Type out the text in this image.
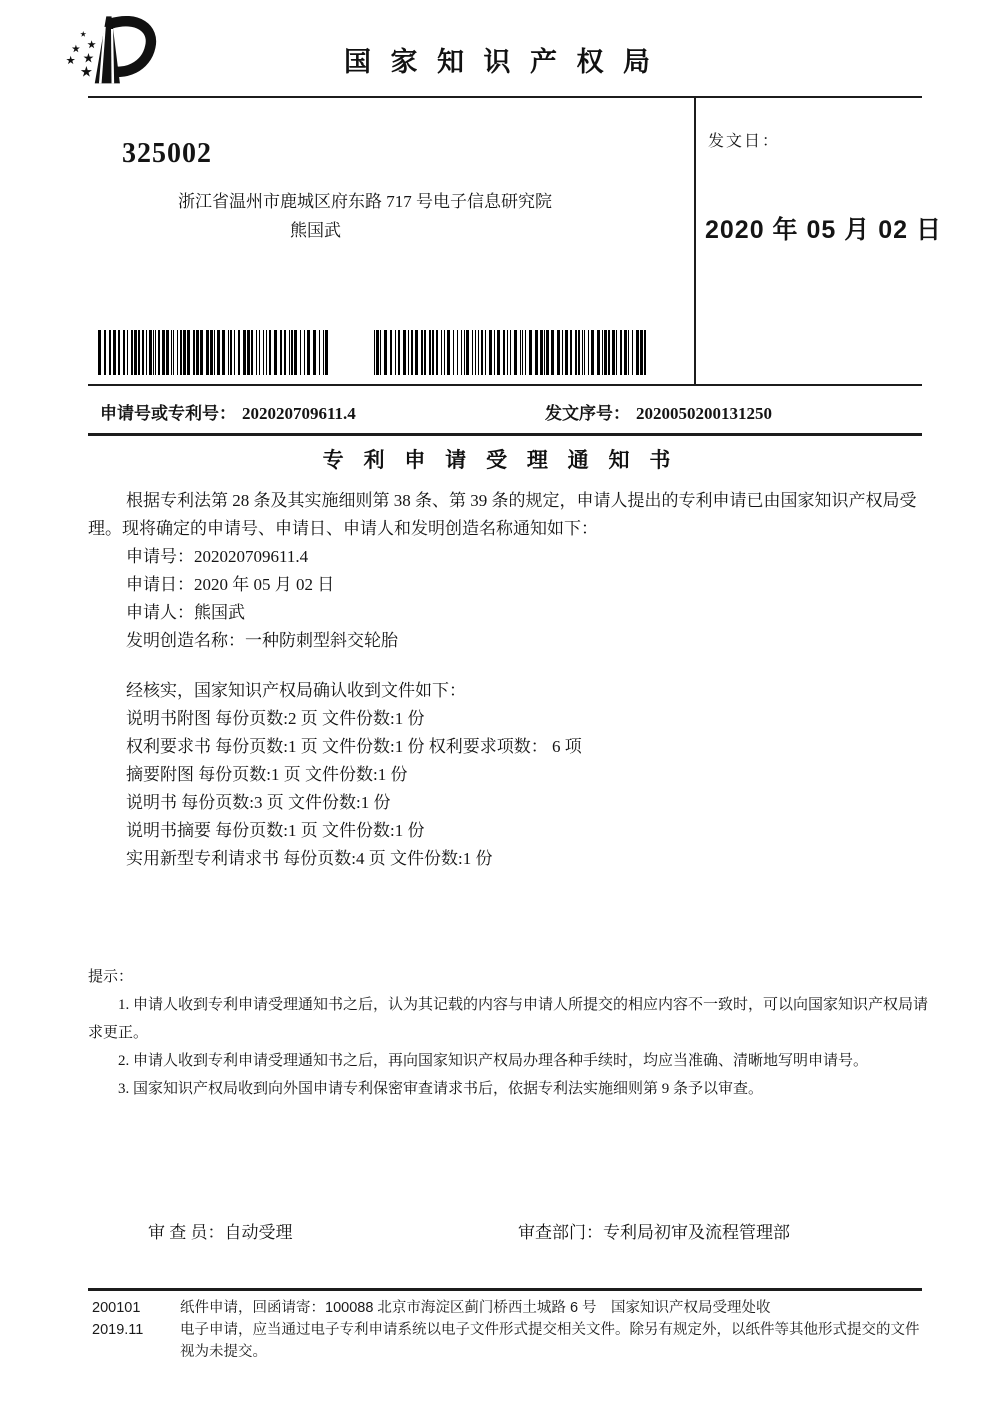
国 家 知 识 产 权 局
325002
浙江省温州市鹿城区府东路 717 号电子信息研究院
熊国武
发文日：
2020 年 05 月 02 日
申请号或专利号： 202020709611.4	发文序号： 2020050200131250
专 利 申 请 受 理 通 知 书

根据专利法第 28 条及其实施细则第 38 条、第 39 条的规定，申请人提出的专利申请已由国家知识产权局受理。现将确定的申请号、申请日、申请人和发明创造名称通知如下：

申请号：202020709611.4
申请日：2020 年 05 月 02 日
申请人：熊国武
发明创造名称：一种防刺型斜交轮胎

经核实，国家知识产权局确认收到文件如下：

说明书附图 每份页数:2 页 文件份数:1 份
权利要求书 每份页数:1 页 文件份数:1 份 权利要求项数： 6 项
摘要附图 每份页数:1 页 文件份数:1 份
说明书 每份页数:3 页 文件份数:1 份
说明书摘要 每份页数:1 页 文件份数:1 份
实用新型专利请求书 每份页数:4 页 文件份数:1 份

提示：

1. 申请人收到专利申请受理通知书之后，认为其记载的内容与申请人所提交的相应内容不一致时，可以向国家知识产权局请求更正。

2. 申请人收到专利申请受理通知书之后，再向国家知识产权局办理各种手续时，均应当准确、清晰地写明申请号。

3. 国家知识产权局收到向外国申请专利保密审查请求书后，依据专利法实施细则第 9 条予以审查。

审 查 员：自动受理	审查部门：专利局初审及流程管理部
200101
2019.11
纸件申请，回函请寄：100088 北京市海淀区蓟门桥西土城路 6 号　国家知识产权局受理处收
电子申请，应当通过电子专利申请系统以电子文件形式提交相关文件。除另有规定外，以纸件等其他形式提交的文件视为未提交。
